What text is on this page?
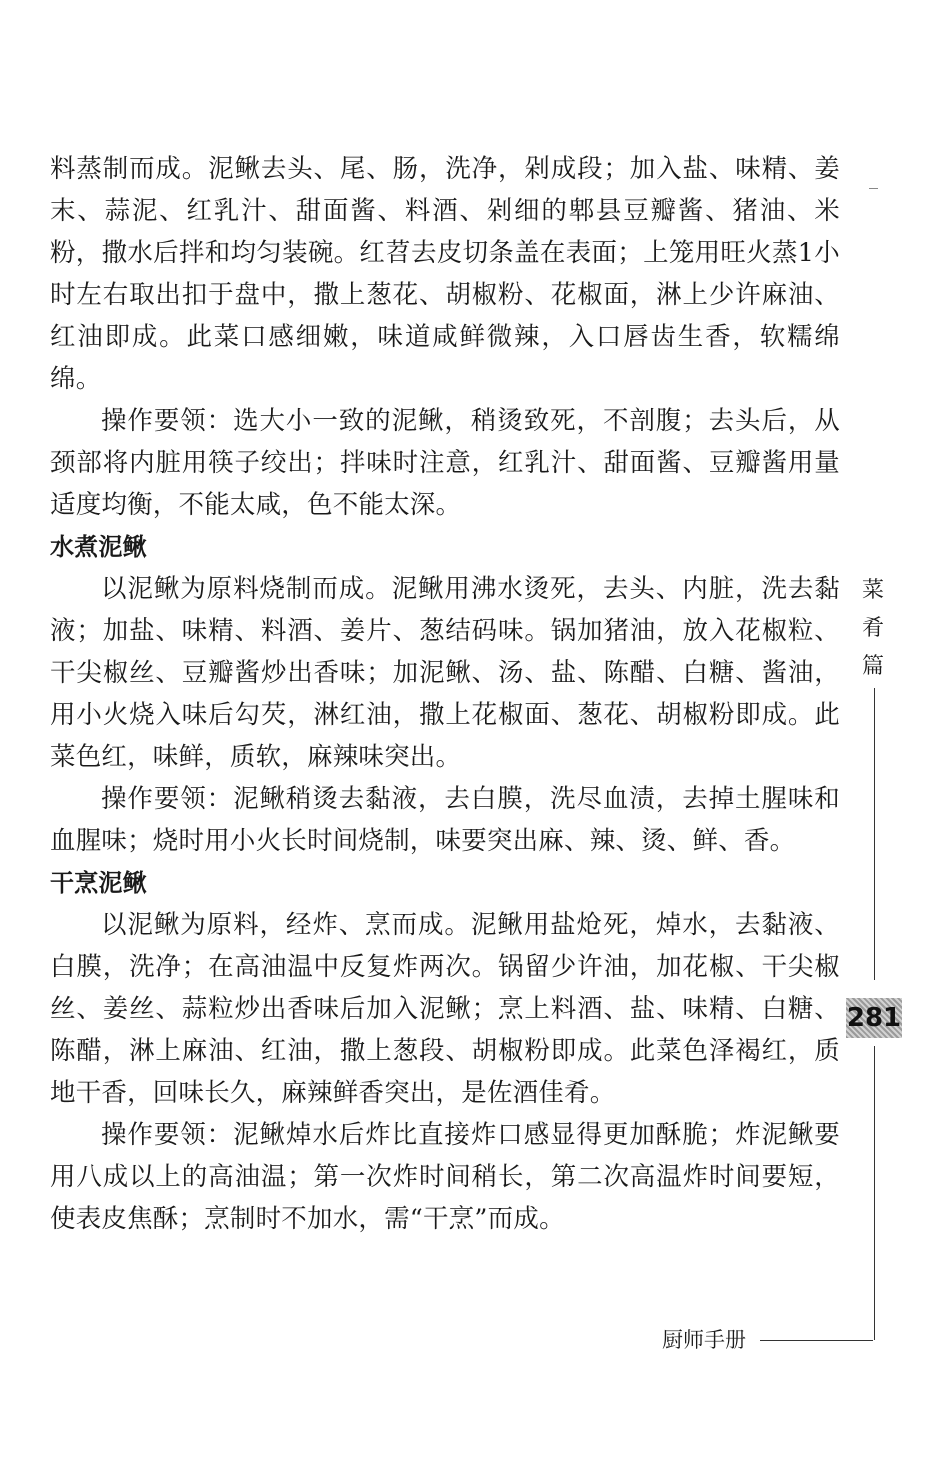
料蒸制而成。泥鳅去头、尾、肠，洗净，剁成段；加入盐、味精、姜末、蒜泥、红乳汁、甜面酱、料酒、剁细的郫县豆瓣酱、猪油、米粉，撒水后拌和均匀装碗。红苕去皮切条盖在表面；上笼用旺火蒸1小时左右取出扣于盘中，撒上葱花、胡椒粉、花椒面，淋上少许麻油、红油即成。此菜口感细嫩，味道咸鲜微辣，入口唇齿生香，软糯绵绵。

操作要领：选大小一致的泥鳅，稍烫致死，不剖腹；去头后，从颈部将内脏用筷子绞出；拌味时注意，红乳汁、甜面酱、豆瓣酱用量适度均衡，不能太咸，色不能太深。

水煮泥鳅

以泥鳅为原料烧制而成。泥鳅用沸水烫死，去头、内脏，洗去黏液；加盐、味精、料酒、姜片、葱结码味。锅加猪油，放入花椒粒、干尖椒丝、豆瓣酱炒出香味；加泥鳅、汤、盐、陈醋、白糖、酱油，用小火烧入味后勾芡，淋红油，撒上花椒面、葱花、胡椒粉即成。此菜色红，味鲜，质软，麻辣味突出。

操作要领：泥鳅稍烫去黏液，去白膜，洗尽血渍，去掉土腥味和血腥味；烧时用小火长时间烧制，味要突出麻、辣、烫、鲜、香。

干烹泥鳅

以泥鳅为原料，经炸、烹而成。泥鳅用盐炝死，焯水，去黏液、白膜，洗净；在高油温中反复炸两次。锅留少许油，加花椒、干尖椒丝、姜丝、蒜粒炒出香味后加入泥鳅；烹上料酒、盐、味精、白糖、陈醋，淋上麻油、红油，撒上葱段、胡椒粉即成。此菜色泽褐红，质地干香，回味长久，麻辣鲜香突出，是佐酒佳肴。

操作要领：泥鳅焯水后炸比直接炸口感显得更加酥脆；炸泥鳅要用八成以上的高油温；第一次炸时间稍长，第二次高温炸时间要短，使表皮焦酥；烹制时不加水，需“干烹”而成。

菜
肴
篇
281
厨师手册
